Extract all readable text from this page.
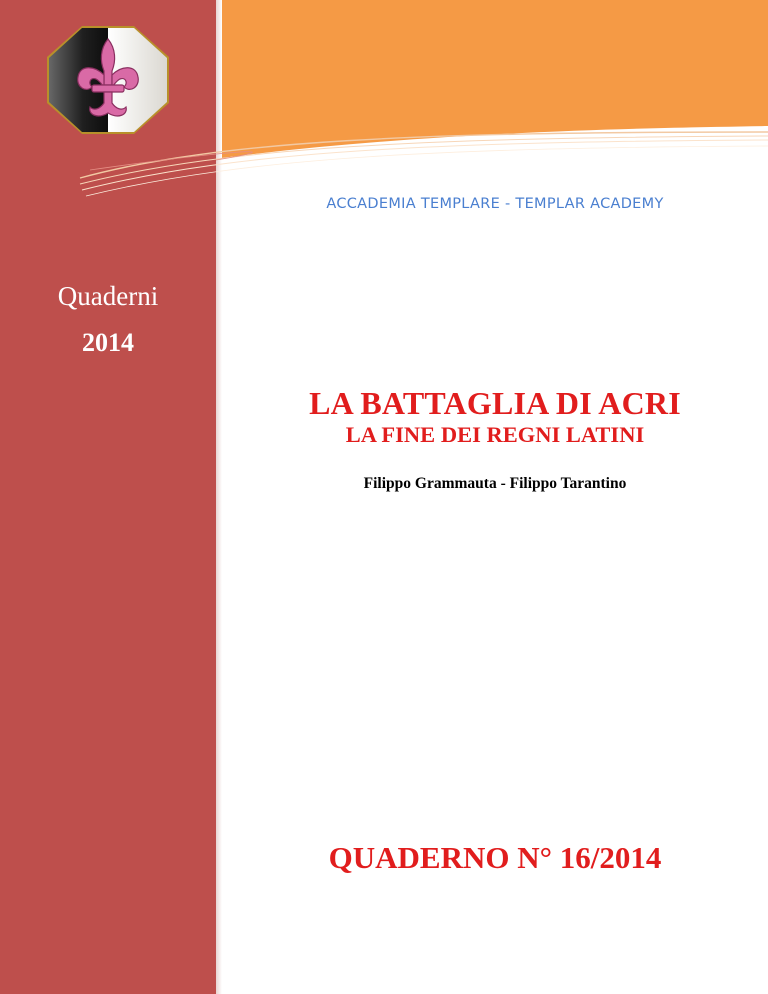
ACCADEMIA TEMPLARE - TEMPLAR ACADEMY
Quaderni
2014
LA BATTAGLIA DI ACRI
LA FINE DEI REGNI LATINI
Filippo Grammauta - Filippo Tarantino
QUADERNO N° 16/2014
